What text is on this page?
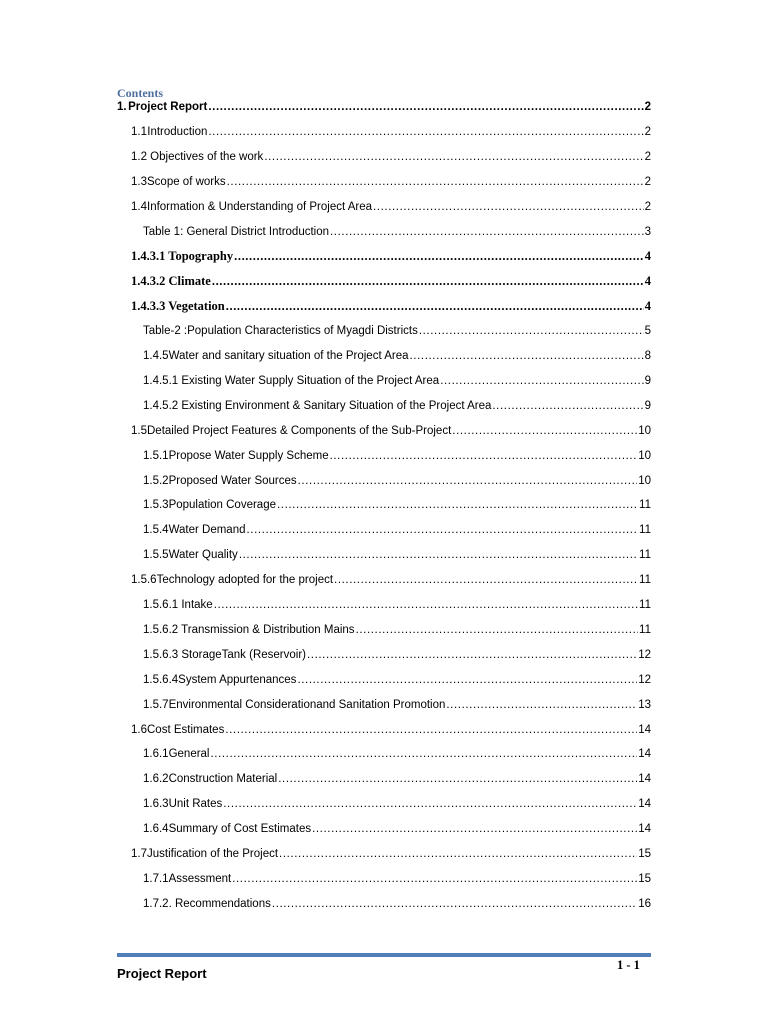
Contents
1. Project Report .....	2
1.1 Introduction .....	2
1.2 Objectives of the work .....	2
1.3 Scope of works .....	2
1.4 Information & Understanding of Project Area .....	2
Table 1: General District Introduction .....	3
1.4.3.1 Topography .....	4
1.4.3.2 Climate .....	4
1.4.3.3 Vegetation .....	4
Table-2 :Population Characteristics of Myagdi Districts .....	5
1.4.5 Water and sanitary situation of the Project Area .....	8
1.4.5.1 Existing Water Supply Situation of the Project Area .....	9
1.4.5.2 Existing Environment & Sanitary Situation of the Project Area .....	9
1.5 Detailed Project Features & Components of the Sub-Project .....	10
1.5.1 Propose Water Supply Scheme .....	10
1.5.2 Proposed Water Sources .....	10
1.5.3 Population Coverage .....	11
1.5.4 Water Demand .....	11
1.5.5 Water Quality .....	11
1.5.6 Technology adopted for the project .....	11
1.5.6.1 Intake .....	11
1.5.6.2 Transmission & Distribution Mains .....	11
1.5.6.3 StorageTank (Reservoir) .....	12
1.5.6.4System Appurtenances .....	12
1.5.7 Environmental Considerationand Sanitation Promotion .....	13
1.6 Cost Estimates .....	14
1.6.1 General .....	14
1.6.2 Construction Material .....	14
1.6.3 Unit Rates .....	14
1.6.4 Summary of Cost Estimates .....	14
1.7 Justification of the Project .....	15
1.7.1 Assessment .....	15
1.7.2. Recommendations .....	16
Project Report
1 - 1
